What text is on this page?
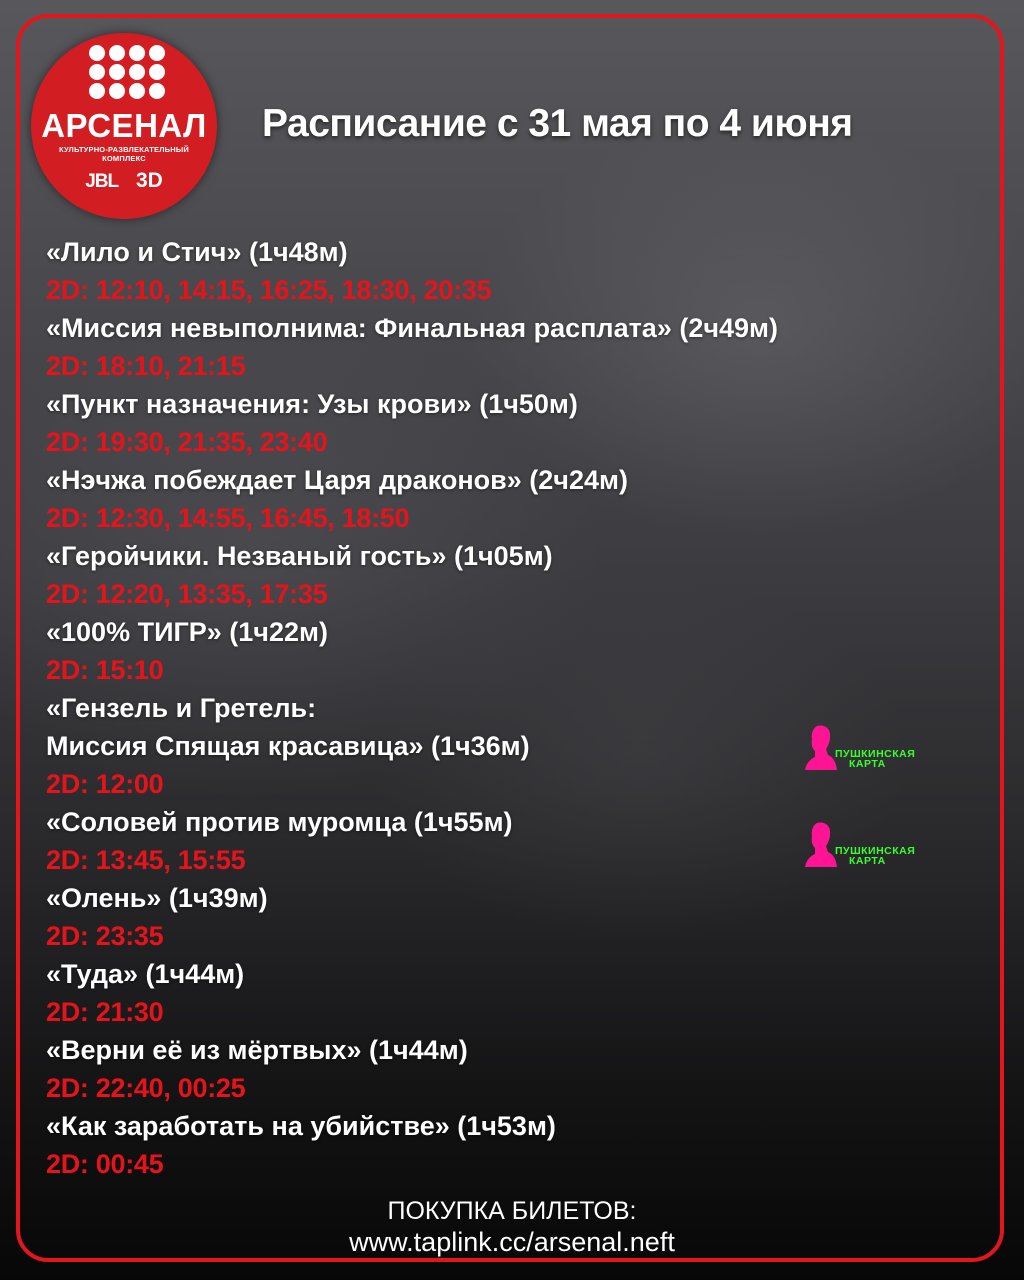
АРСЕНАЛ
КУЛЬТУРНО-РАЗВЛЕКАТЕЛЬНЫЙ
КОМПЛЕКС
JBL 3D
Расписание с 31 мая по 4 июня
«Лило и Стич» (1ч48м)
2D: 12:10, 14:15, 16:25, 18:30, 20:35
«Миссия невыполнима: Финальная расплата» (2ч49м)
2D: 18:10, 21:15
«Пункт назначения: Узы крови» (1ч50м)
2D: 19:30, 21:35, 23:40
«Нэчжа побеждает Царя драконов» (2ч24м)
2D: 12:30, 14:55, 16:45, 18:50
«Геройчики. Незваный гость» (1ч05м)
2D: 12:20, 13:35, 17:35
«100% ТИГР» (1ч22м)
2D: 15:10
«Гензель и Гретель:
Миссия Спящая красавица» (1ч36м)
2D: 12:00
«Соловей против муромца (1ч55м)
2D: 13:45, 15:55
«Олень» (1ч39м)
2D: 23:35
«Туда» (1ч44м)
2D: 21:30
«Верни её из мёртвых» (1ч44м)
2D: 22:40, 00:25
«Как заработать на убийстве» (1ч53м)
2D: 00:45
ПУШКИНСКАЯ
КАРТА
ПУШКИНСКАЯ
КАРТА
ПОКУПКА БИЛЕТОВ:
www.taplink.cc/arsenal.neft
